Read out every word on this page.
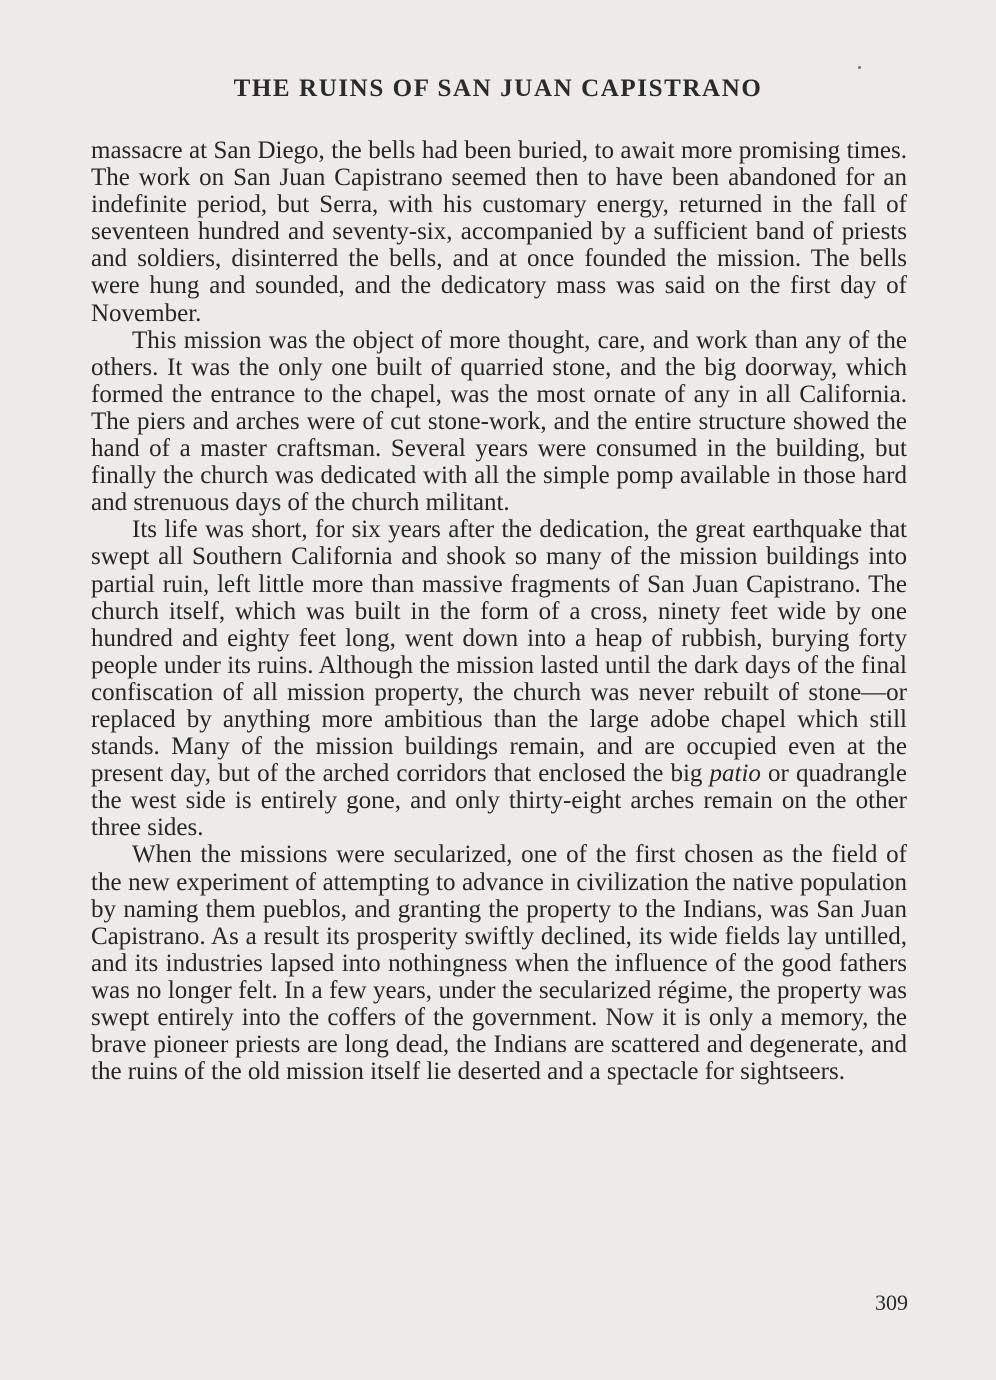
THE RUINS OF SAN JUAN CAPISTRANO

massacre at San Diego, the bells had been buried, to await more promising times. The work on San Juan Capistrano seemed then to have been abandoned for an indefinite period, but Serra, with his customary energy, returned in the fall of seventeen hundred and seventy-six, accompanied by a sufficient band of priests and soldiers, disinterred the bells, and at once founded the mission. The bells were hung and sounded, and the dedicatory mass was said on the first day of November.

This mission was the object of more thought, care, and work than any of the others. It was the only one built of quarried stone, and the big doorway, which formed the entrance to the chapel, was the most ornate of any in all California. The piers and arches were of cut stone-work, and the entire structure showed the hand of a master craftsman. Several years were consumed in the building, but finally the church was dedicated with all the simple pomp available in those hard and strenuous days of the church militant.

Its life was short, for six years after the dedication, the great earthquake that swept all Southern California and shook so many of the mission buildings into partial ruin, left little more than massive fragments of San Juan Capistrano. The church itself, which was built in the form of a cross, ninety feet wide by one hundred and eighty feet long, went down into a heap of rubbish, burying forty people under its ruins. Although the mission lasted until the dark days of the final confiscation of all mission property, the church was never rebuilt of stone—or replaced by anything more ambitious than the large adobe chapel which still stands. Many of the mission buildings remain, and are occupied even at the present day, but of the arched corridors that enclosed the big patio or quadrangle the west side is entirely gone, and only thirty-eight arches remain on the other three sides.

When the missions were secularized, one of the first chosen as the field of the new experiment of attempting to advance in civilization the native population by naming them pueblos, and granting the property to the Indians, was San Juan Capistrano. As a result its prosperity swiftly declined, its wide fields lay untilled, and its industries lapsed into nothingness when the influence of the good fathers was no longer felt. In a few years, under the secularized régime, the property was swept entirely into the coffers of the government. Now it is only a memory, the brave pioneer priests are long dead, the Indians are scattered and degenerate, and the ruins of the old mission itself lie deserted and a spectacle for sightseers.

309
